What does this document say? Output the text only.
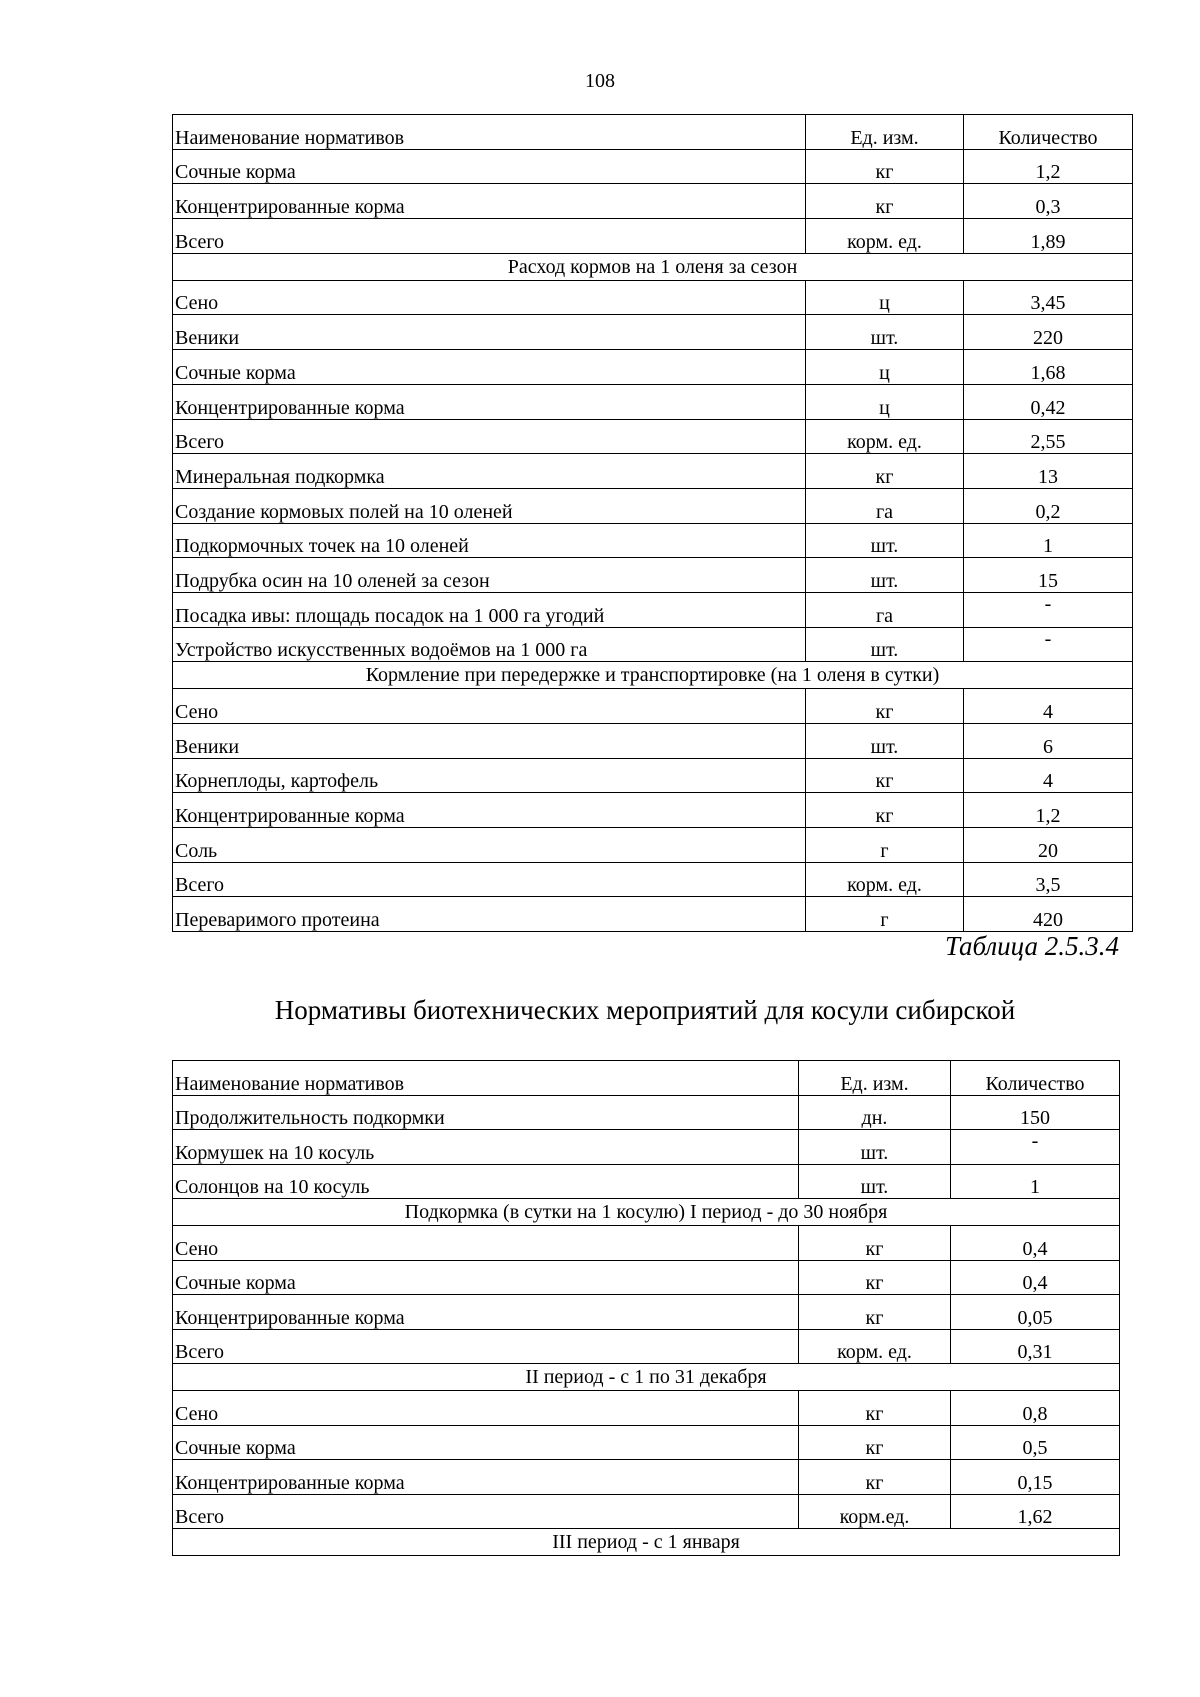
108
Наименование нормативов	Ед. изм.	Количество
Сочные корма	кг	1,2
Концентрированные корма	кг	0,3
Всего	корм. ед.	1,89
Расход кормов на 1 оленя за сезон		
Сено	ц	3,45
Веники	шт.	220
Сочные корма	ц	1,68
Концентрированные корма	ц	0,42
Всего	корм. ед.	2,55
Минеральная подкормка	кг	13
Создание кормовых полей на 10 оленей	га	0,2
Подкормочных точек на 10 оленей	шт.	1
Подрубка осин на 10 оленей за сезон	шт.	15
Посадка ивы: площадь посадок на 1 000 га угодий	га	-
Устройство искусственных водоёмов на 1 000 га	шт.	-
Кормление при передержке и транспортировке (на 1 оленя в сутки)		
Сено	кг	4
Веники	шт.	6
Корнеплоды, картофель	кг	4
Концентрированные корма	кг	1,2
Соль	г	20
Всего	корм. ед.	3,5
Переваримого протеина	г	420
Таблица 2.5.3.4
Нормативы биотехнических мероприятий для косули сибирской
Наименование нормативов	Ед. изм.	Количество
Продолжительность подкормки	дн.	150
Кормушек на 10 косуль	шт.	-
Солонцов на 10 косуль	шт.	1
Подкормка (в сутки на 1 косулю) I период - до 30 ноября		
Сено	кг	0,4
Сочные корма	кг	0,4
Концентрированные корма	кг	0,05
Всего	корм. ед.	0,31
II период - с 1 по 31 декабря		
Сено	кг	0,8
Сочные корма	кг	0,5
Концентрированные корма	кг	0,15
Всего	корм.ед.	1,62
III период - с 1 января		
